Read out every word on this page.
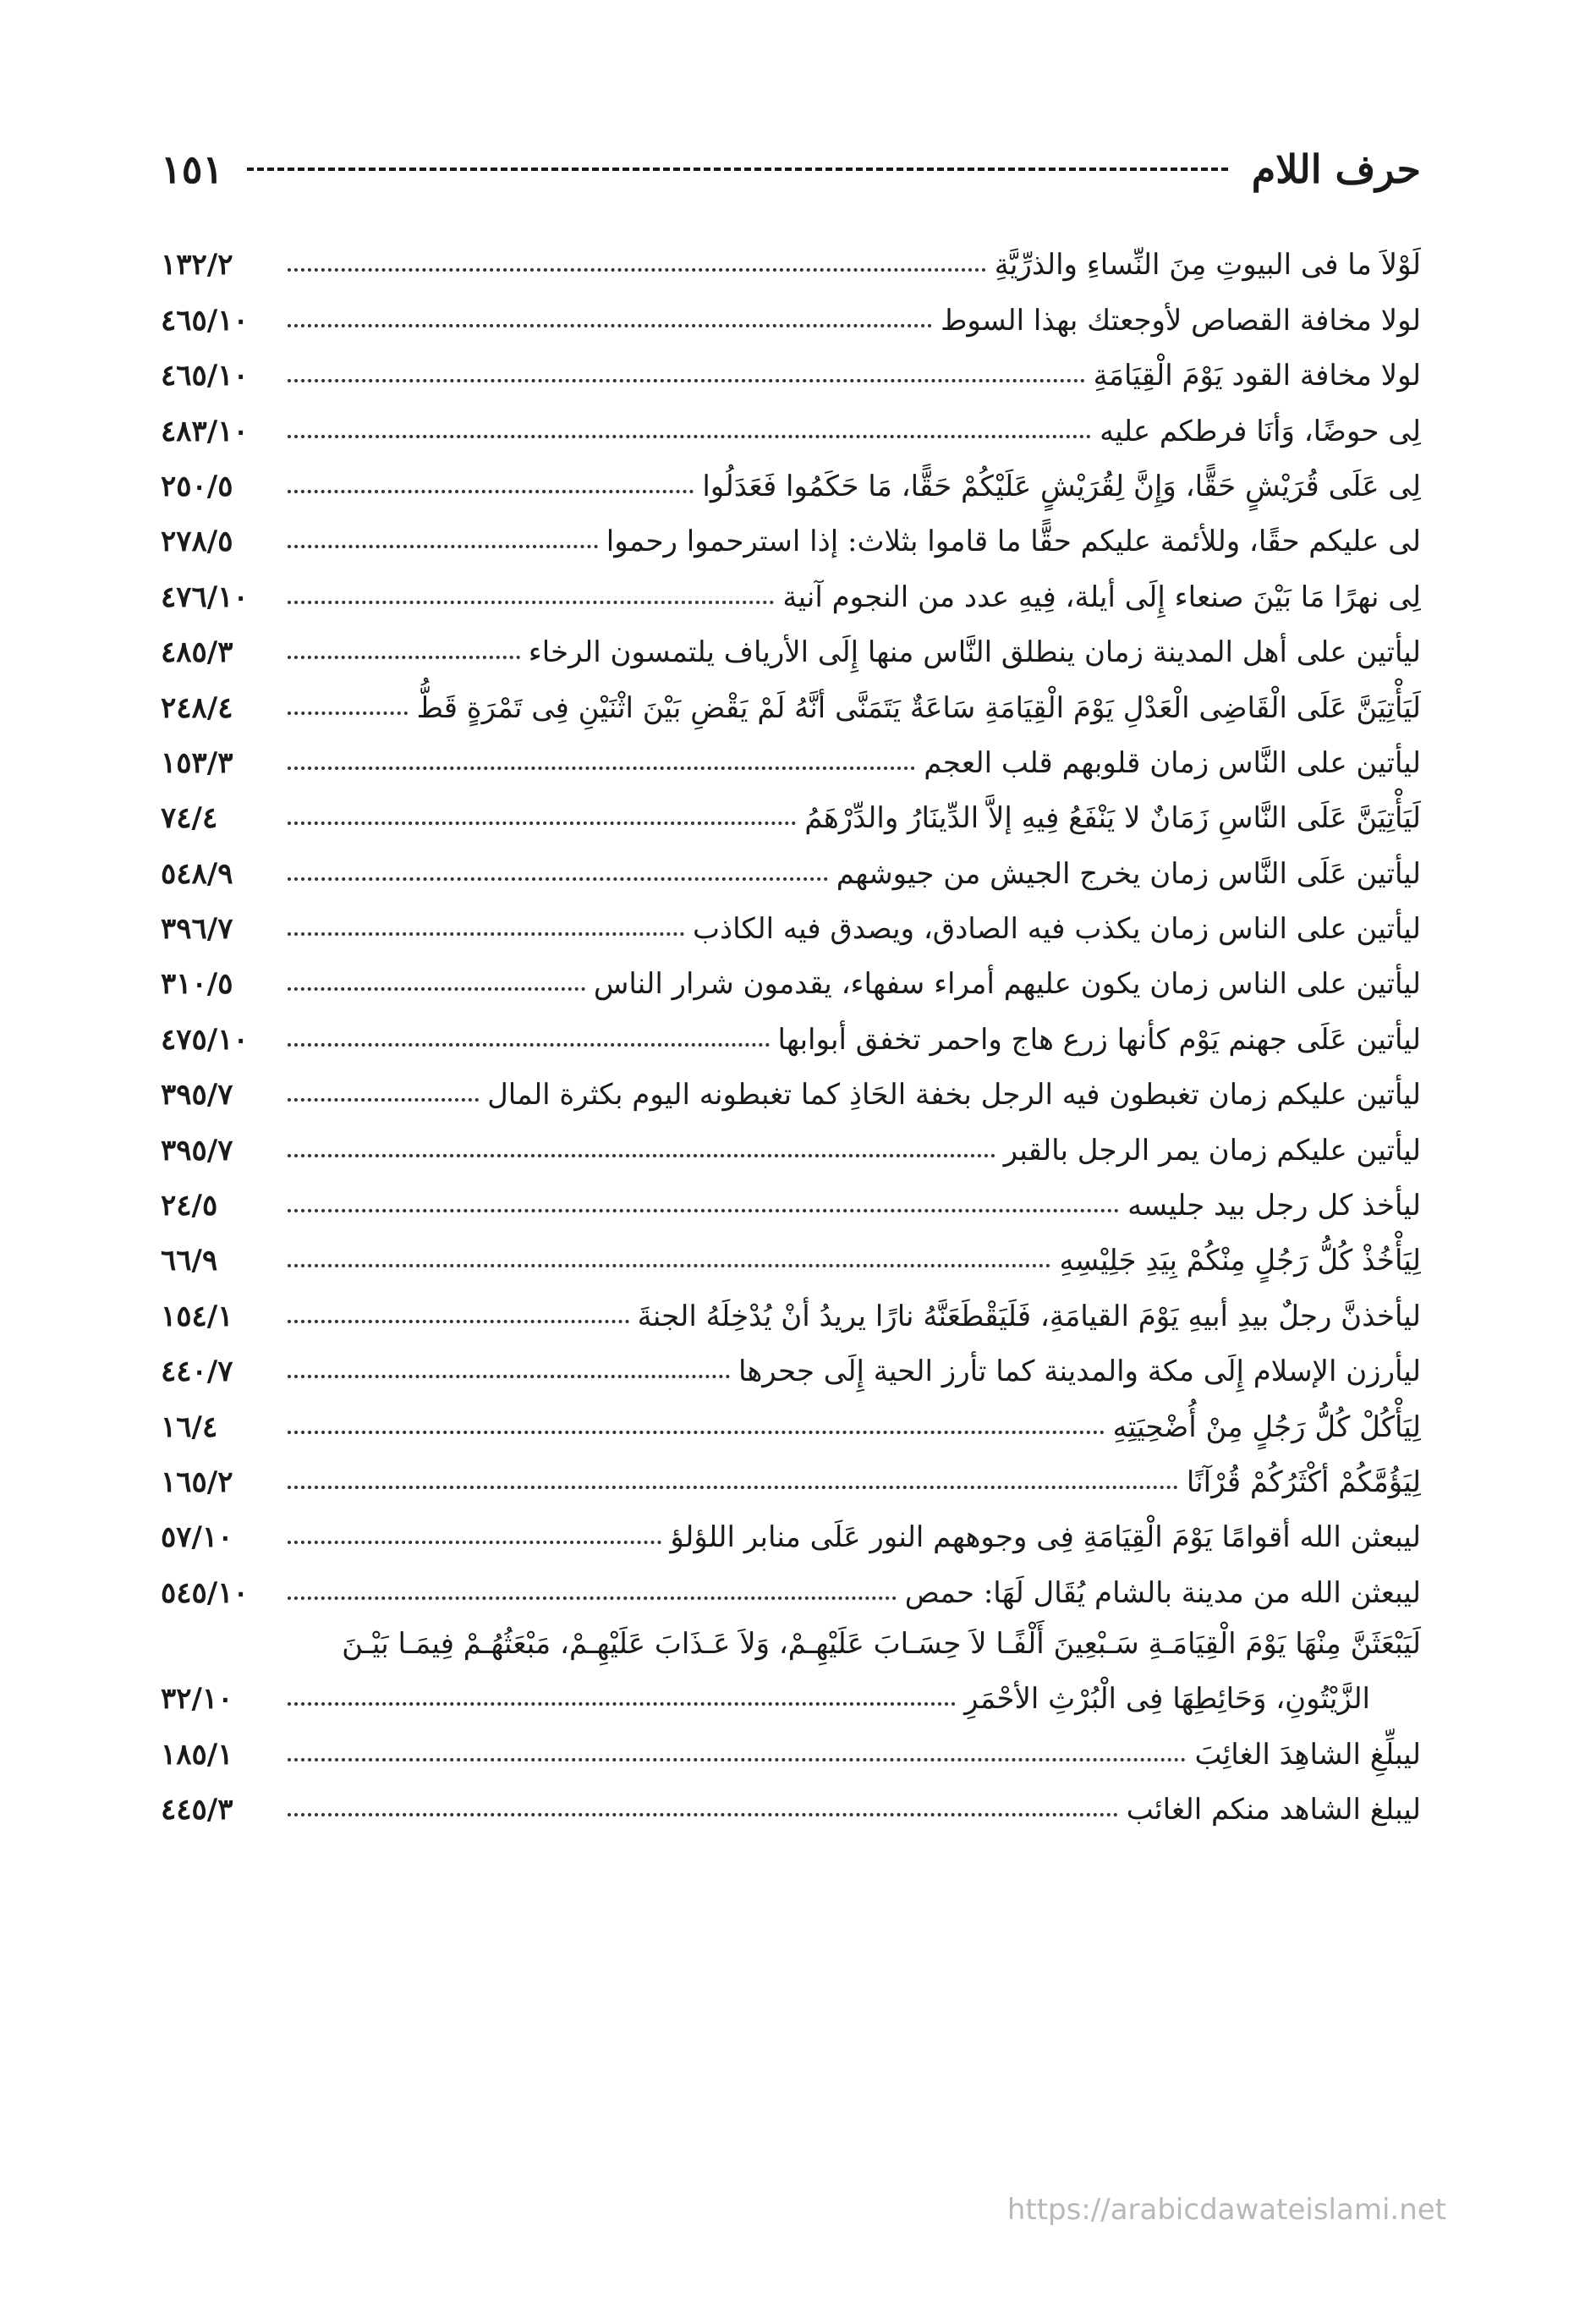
حرف اللام
١٥١
لَوْلاَ ما فى البيوتِ مِنَ النِّساءِ والذرِّيَّةِ
١٣٢/٢
لولا مخافة القصاص لأوجعتك بهذا السوط
٤٦٥/١٠
لولا مخافة القود يَوْمَ الْقِيَامَةِ
٤٦٥/١٠
لِى حوضًا، وَأنَا فرطكم عليه
٤٨٣/١٠
لِى عَلَى قُرَيْشٍ حَقًّا، وَإِنَّ لِقُرَيْشٍ عَلَيْكُمْ حَقًّا، مَا حَكَمُوا فَعَدَلُوا
٢٥٠/٥
لى عليكم حقًا، وللأئمة عليكم حقًّا ما قاموا بثلاث: إذا استرحموا رحموا
٢٧٨/٥
لِى نهرًا مَا بَيْنَ صنعاء إِلَى أيلة، فِيهِ عدد من النجوم آنية
٤٧٦/١٠
ليأتين على أهل المدينة زمان ينطلق النَّاس منها إِلَى الأرياف يلتمسون الرخاء
٤٨٥/٣
لَيَأْتِيَنَّ عَلَى الْقَاضِى الْعَدْلِ يَوْمَ الْقِيَامَةِ سَاعَةٌ يَتَمَنَّى أنَّهُ لَمْ يَقْضِ بَيْنَ اثْنَيْنِ فِى تَمْرَةٍ قَطُّ
٢٤٨/٤
ليأتين على النَّاس زمان قلوبهم قلب العجم
١٥٣/٣
لَيَأْتِيَنَّ عَلَى النَّاسِ زَمَانٌ لا يَنْفَعُ فِيهِ إلاَّ الدِّينَارُ والدِّرْهَمُ
٧٤/٤
ليأتين عَلَى النَّاس زمان يخرج الجيش من جيوشهم
٥٤٨/٩
ليأتين على الناس زمان يكذب فيه الصادق، ويصدق فيه الكاذب
٣٩٦/٧
ليأتين على الناس زمان يكون عليهم أمراء سفهاء، يقدمون شرار الناس
٣١٠/٥
ليأتين عَلَى جهنم يَوْم كأنها زرع هاج واحمر تخفق أبوابها
٤٧٥/١٠
ليأتين عليكم زمان تغبطون فيه الرجل بخفة الحَاذِ كما تغبطونه اليوم بكثرة المال
٣٩٥/٧
ليأتين عليكم زمان يمر الرجل بالقبر
٣٩٥/٧
ليأخذ كل رجل بيد جليسه
٢٤/٥
لِيَأْخُذْ كُلُّ رَجُلٍ مِنْكُمْ بِيَدِ جَلِيْسِهِ
٦٦/٩
ليأخذنَّ رجلٌ بيدِ أبيهِ يَوْمَ القيامَةِ، فَلَيَقْطَعَنَّهُ نارًا يريدُ أنْ يُدْخِلَهُ الجنةَ
١٥٤/١
ليأرزن الإسلام إِلَى مكة والمدينة كما تأرز الحية إِلَى جحرها
٤٤٠/٧
لِيَأْكُلْ كُلُّ رَجُلٍ مِنْ أُضْحِيَتِهِ
١٦/٤
لِيَؤُمَّكُمْ أكْثَرُكُمْ قُرْآنًا
١٦٥/٢
ليبعثن الله أقوامًا يَوْمَ الْقِيَامَةِ فِى وجوههم النور عَلَى منابر اللؤلؤ
٥٧/١٠
ليبعثن الله من مدينة بالشام يُقَال لَهَا: حمص
٥٤٥/١٠
لَيَبْعَثَنَّ مِنْهَا يَوْمَ الْقِيَامَـةِ سَـبْعِينَ أَلْفًـا لاَ حِسَـابَ عَلَيْهِـمْ، وَلاَ عَـذَابَ عَلَيْهِـمْ، مَبْعَثُهُـمْ فِيمَـا بَيْـنَ
الزَّيْتُونِ، وَحَائِطِهَا فِى الْبُرْثِ الأحْمَرِ
٣٢/١٠
ليبلِّغِ الشاهِدَ الغائِبَ
١٨٥/١
ليبلغ الشاهد منكم الغائب
٤٤٥/٣
https://arabicdawateislami.net
